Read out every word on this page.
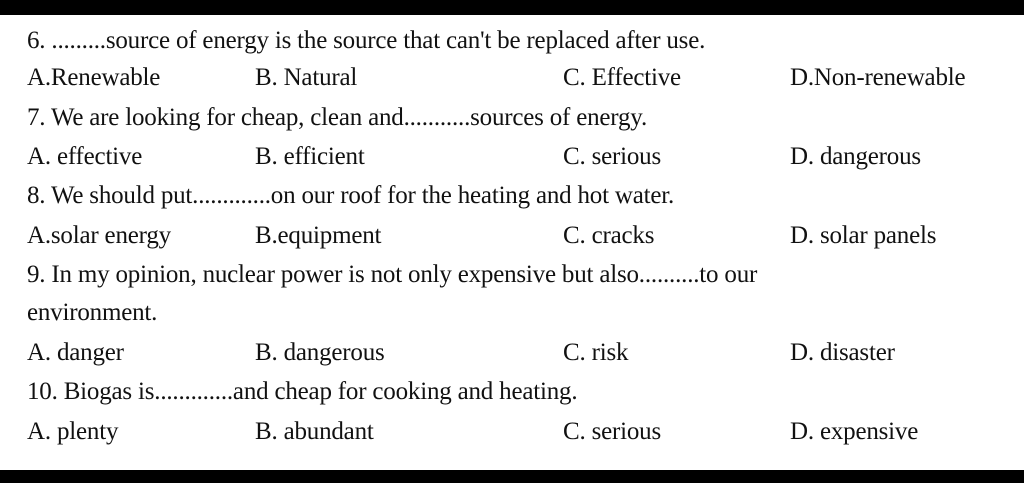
6. .........source of energy is the source that can't be replaced after use.
A.Renewable	B. Natural	C. Effective	D.Non-renewable
7. We are looking for cheap, clean and...........sources of energy.
A. effective	B. efficient	C. serious	D. dangerous
8. We should put.............on our roof for the heating and hot water.
A.solar energy	B.equipment	C. cracks	D. solar panels
9. In my opinion, nuclear power is not only expensive but also..........to our
environment.
A. danger	B. dangerous	C. risk	D. disaster
10. Biogas is.............and cheap for cooking and heating.
A. plenty	B. abundant	C. serious	D. expensive
